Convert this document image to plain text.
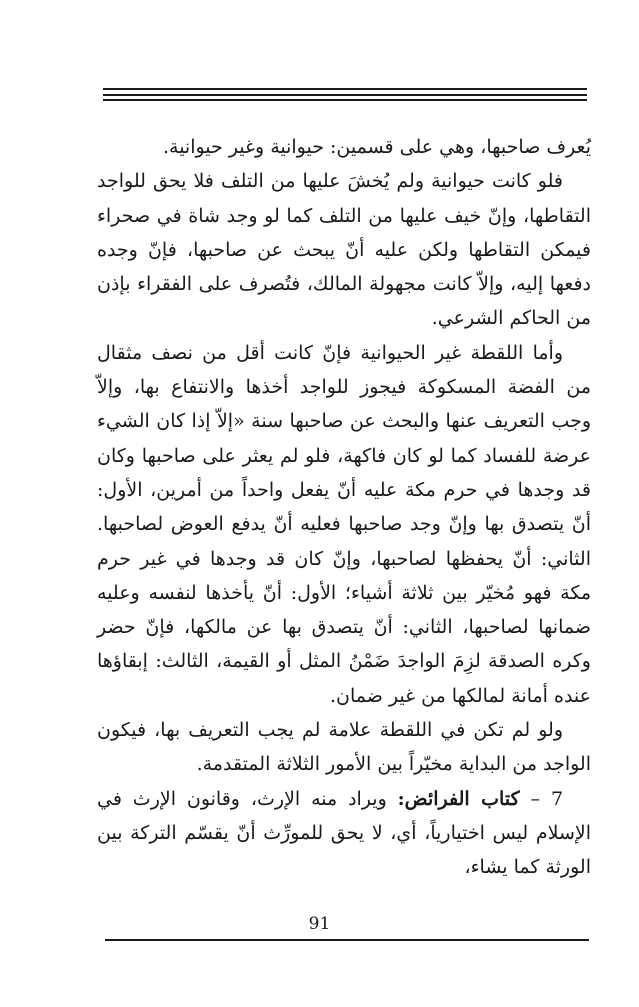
يُعرف صاحبها، وهي على قسمين: حيوانية وغير حيوانية.

فلو كانت حيوانية ولم يُخشَ عليها من التلف فلا يحق للواجد التقاطها، وإنّ خيف عليها من التلف كما لو وجد شاة في صحراء فيمكن التقاطها ولكن عليه أنّ يبحث عن صاحبها، فإنّ وجده دفعها إليه، وإلاّ كانت مجهولة المالك، فتُصرف على الفقراء بإذن من الحاكم الشرعي.

وأما اللقطة غير الحيوانية فإنّ كانت أقل من نصف مثقال من الفضة المسكوكة فيجوز للواجد أخذها والانتفاع بها، وإلاّ وجب التعريف عنها والبحث عن صاحبها سنة «إلاّ إذا كان الشيء عرضة للفساد كما لو كان فاكهة، فلو لم يعثر على صاحبها وكان قد وجدها في حرم مكة عليه أنّ يفعل واحداً من أمرين، الأول: أنّ يتصدق بها وإنّ وجد صاحبها فعليه أنّ يدفع العوض لصاحبها. الثاني: أنّ يحفظها لصاحبها، وإنّ كان قد وجدها في غير حرم مكة فهو مُخيّر بين ثلاثة أشياء؛ الأول: أنّ يأخذها لنفسه وعليه ضمانها لصاحبها، الثاني: أنّ يتصدق بها عن مالكها، فإنّ حضر وكره الصدقة لزِمَ الواجدَ ضَمْنُ المثل أو القيمة، الثالث: إبقاؤها عنده أمانة لمالكها من غير ضمان.

ولو لم تكن في اللقطة علامة لم يجب التعريف بها، فيكون الواجد من البداية مخيّراً بين الأمور الثلاثة المتقدمة.

7 – كتاب الفرائض: ويراد منه الإرث، وقانون الإرث في الإسلام ليس اختيارياً، أي، لا يحق للمورِّث أنّ يقسّم التركة بين الورثة كما يشاء،

91
